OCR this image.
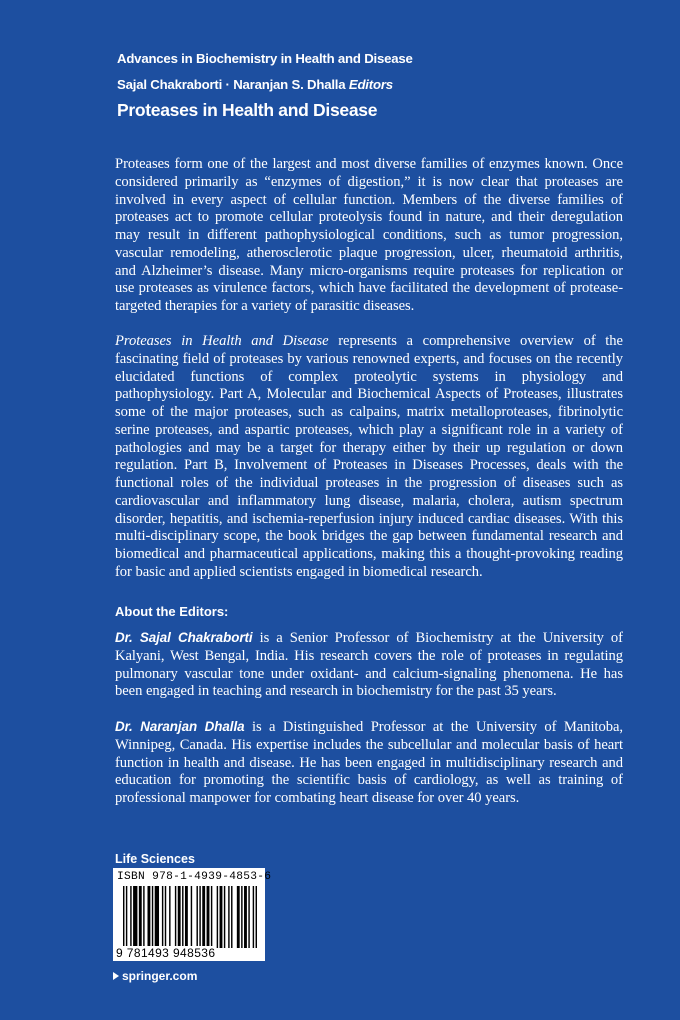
Advances in Biochemistry in Health and Disease
Sajal Chakraborti · Naranjan S. Dhalla Editors
Proteases in Health and Disease

Proteases form one of the largest and most diverse families of enzymes known. Once considered primarily as “enzymes of digestion,” it is now clear that proteases are involved in every aspect of cellular function. Members of the diverse families of proteases act to promote cellular proteolysis found in nature, and their deregulation may result in different pathophysiological conditions, such as tumor progression, vascular remodeling, atherosclerotic plaque progression, ulcer, rheumatoid arthritis, and Alzheimer’s disease. Many micro-organisms require proteases for replication or use proteases as virulence factors, which have facilitated the development of protease-targeted therapies for a variety of parasitic diseases.

Proteases in Health and Disease represents a comprehensive overview of the fascinating field of proteases by various renowned experts, and focuses on the recently elucidated functions of complex proteolytic systems in physiology and pathophysiology. Part A, Molecular and Biochemical Aspects of Proteases, illustrates some of the major proteases, such as calpains, matrix metalloproteases, fibrinolytic serine proteases, and aspartic proteases, which play a significant role in a variety of pathologies and may be a target for therapy either by their up regulation or down regulation. Part B, Involvement of Proteases in Diseases Processes, deals with the functional roles of the individual proteases in the progression of diseases such as cardiovascular and inflammatory lung disease, malaria, cholera, autism spectrum disorder, hepatitis, and ischemia-reperfusion injury induced cardiac diseases. With this multi-disciplinary scope, the book bridges the gap between fundamental research and biomedical and pharmaceutical applications, making this a thought-provoking reading for basic and applied scientists engaged in biomedical research.

About the Editors:

Dr. Sajal Chakraborti is a Senior Professor of Biochemistry at the University of Kalyani, West Bengal, India. His research covers the role of proteases in regulating pulmonary vascular tone under oxidant- and calcium-signaling phenomena. He has been engaged in teaching and research in biochemistry for the past 35 years.

Dr. Naranjan Dhalla is a Distinguished Professor at the University of Manitoba, Winnipeg, Canada. His expertise includes the subcellular and molecular basis of heart function in health and disease. He has been engaged in multidisciplinary research and education for promoting the scientific basis of cardiology, as well as training of professional manpower for combating heart disease for over 40 years.

Life Sciences
ISBN 978-1-4939-4853-6
9 781493 948536
springer.com
